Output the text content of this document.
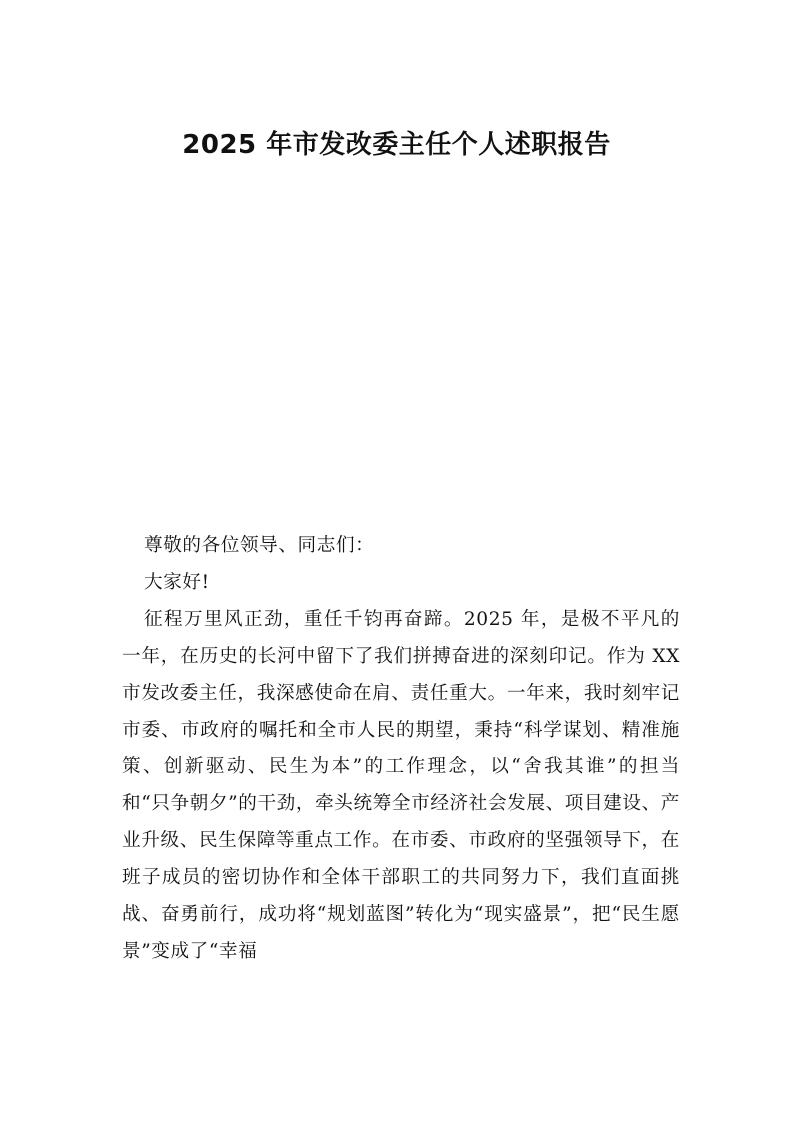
2025 年市发改委主任个人述职报告

尊敬的各位领导、同志们：

大家好!

征程万里风正劲，重任千钧再奋蹄。2025 年，是极不平凡的一年，在历史的长河中留下了我们拼搏奋进的深刻印记。作为 XX 市发改委主任，我深感使命在肩、责任重大。一年来，我时刻牢记市委、市政府的嘱托和全市人民的期望，秉持“科学谋划、精准施策、创新驱动、民生为本”的工作理念，以“舍我其谁”的担当和“只争朝夕”的干劲，牵头统筹全市经济社会发展、项目建设、产业升级、民生保障等重点工作。在市委、市政府的坚强领导下，在班子成员的密切协作和全体干部职工的共同努力下，我们直面挑战、奋勇前行，成功将“规划蓝图”转化为“现实盛景”，把“民生愿景”变成了“幸福
